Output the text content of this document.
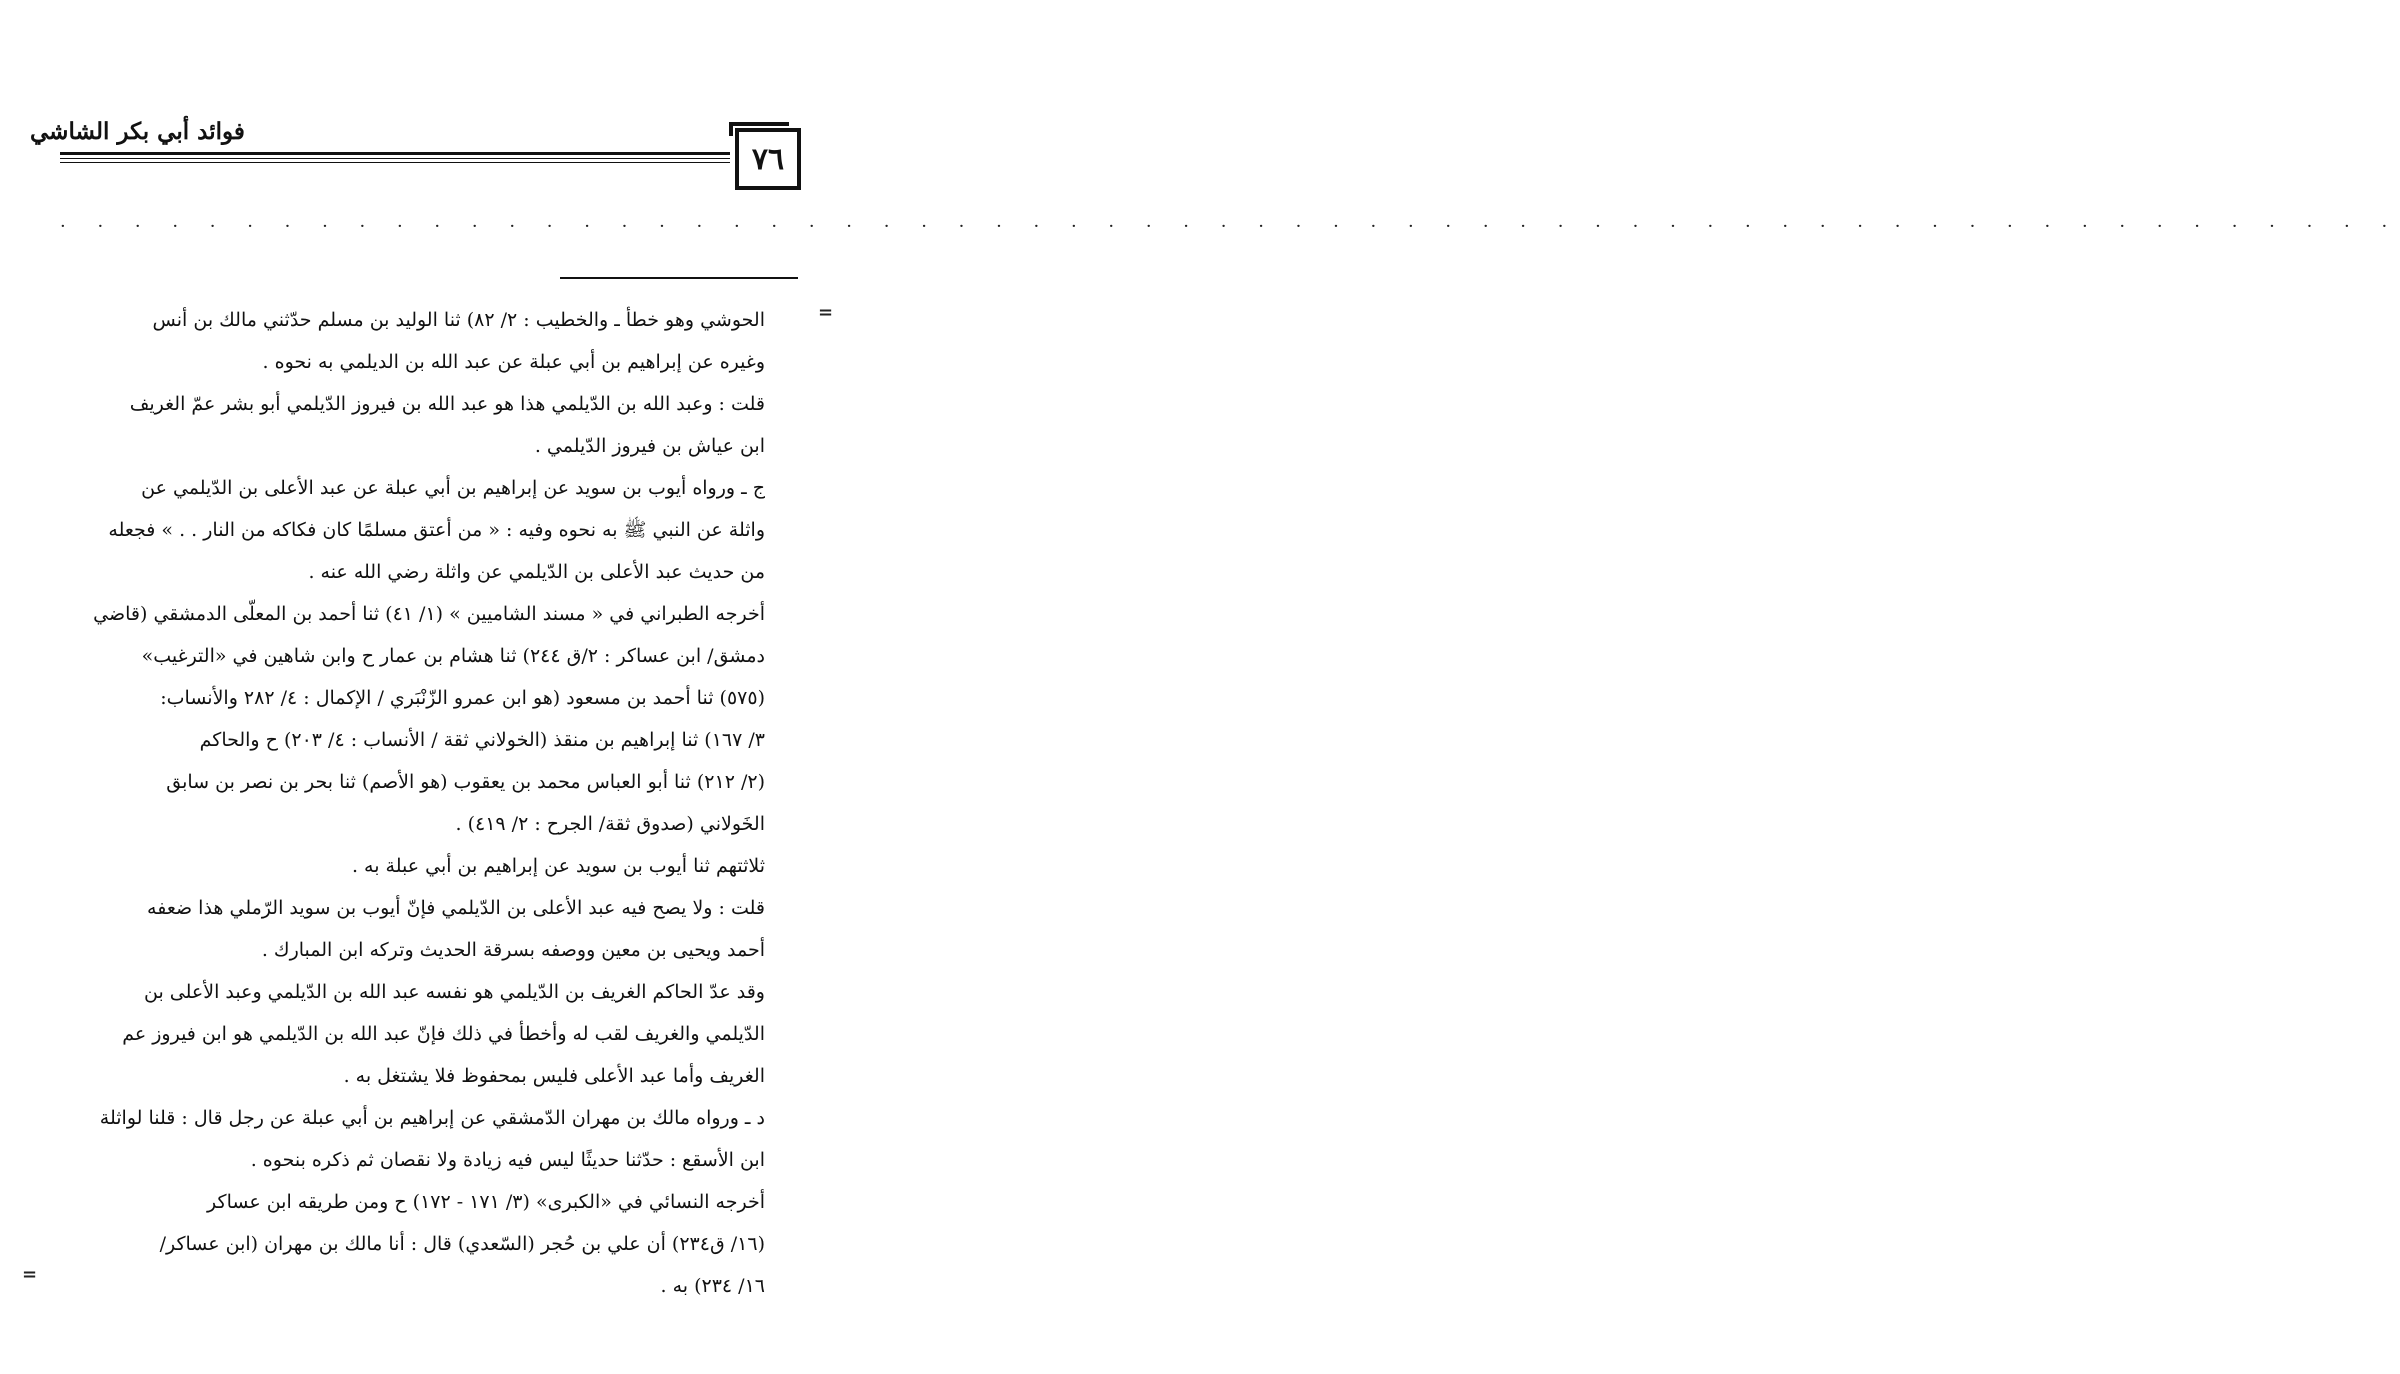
فوائد أبي بكر الشاشي
٧٦
· · · · · · · · · · · · · · · · · · · · · · · · · · · · · · · · · · · · · · · · · · · · · · · · · · · · · · · · · · · · · · ·
=
=
الحوشي وهو خطأ ـ والخطيب : ٢/ ٨٢) ثنا الوليد بن مسلم حدّثني مالك بن أنس
وغيره عن إبراهيم بن أبي عبلة عن عبد الله بن الديلمي به نحوه .
قلت : وعبد الله بن الدّيلمي هذا هو عبد الله بن فيروز الدّيلمي أبو بشر عمّ الغريف
ابن عياش بن فيروز الدّيلمي .
ج ـ ورواه أيوب بن سويد عن إبراهيم بن أبي عبلة عن عبد الأعلى بن الدّيلمي عن
واثلة عن النبي ﷺ به نحوه وفيه : « من أعتق مسلمًا كان فكاكه من النار . . » فجعله
من حديث عبد الأعلى بن الدّيلمي عن واثلة رضي الله عنه .
أخرجه الطبراني في « مسند الشاميين » (١/ ٤١) ثنا أحمد بن المعلّى الدمشقي (قاضي
دمشق/ ابن عساكر : ٢/ق ٢٤٤) ثنا هشام بن عمار ح وابن شاهين في «الترغيب»
(٥٧٥) ثنا أحمد بن مسعود (هو ابن عمرو الزّنْبَري / الإكمال : ٤/ ٢٨٢ والأنساب:
٣/ ١٦٧) ثنا إبراهيم بن منقذ (الخولاني ثقة / الأنساب : ٤/ ٢٠٣) ح والحاكم
(٢/ ٢١٢) ثنا أبو العباس محمد بن يعقوب (هو الأصم) ثنا بحر بن نصر بن سابق
الخَولاني (صدوق ثقة/ الجرح : ٢/ ٤١٩) .
ثلاثتهم ثنا أيوب بن سويد عن إبراهيم بن أبي عبلة به .
قلت : ولا يصح فيه عبد الأعلى بن الدّيلمي فإنّ أيوب بن سويد الرّملي هذا ضعفه
أحمد ويحيى بن معين ووصفه بسرقة الحديث وتركه ابن المبارك .
وقد عدّ الحاكم الغريف بن الدّيلمي هو نفسه عبد الله بن الدّيلمي وعبد الأعلى بن
الدّيلمي والغريف لقب له وأخطأ في ذلك فإنّ عبد الله بن الدّيلمي هو ابن فيروز عم
الغريف وأما عبد الأعلى فليس بمحفوظ فلا يشتغل به .
د ـ ورواه مالك بن مهران الدّمشقي عن إبراهيم بن أبي عبلة عن رجل قال : قلنا لواثلة
ابن الأسقع : حدّثنا حديثًا ليس فيه زيادة ولا نقصان ثم ذكره بنحوه .
أخرجه النسائي في «الكبرى» (٣/ ١٧١ - ١٧٢) ح ومن طريقه ابن عساكر
(١٦/ ق٢٣٤) أن علي بن حُجر (السّعدي) قال : أنا مالك بن مهران (ابن عساكر/
١٦/ ٢٣٤) به .
